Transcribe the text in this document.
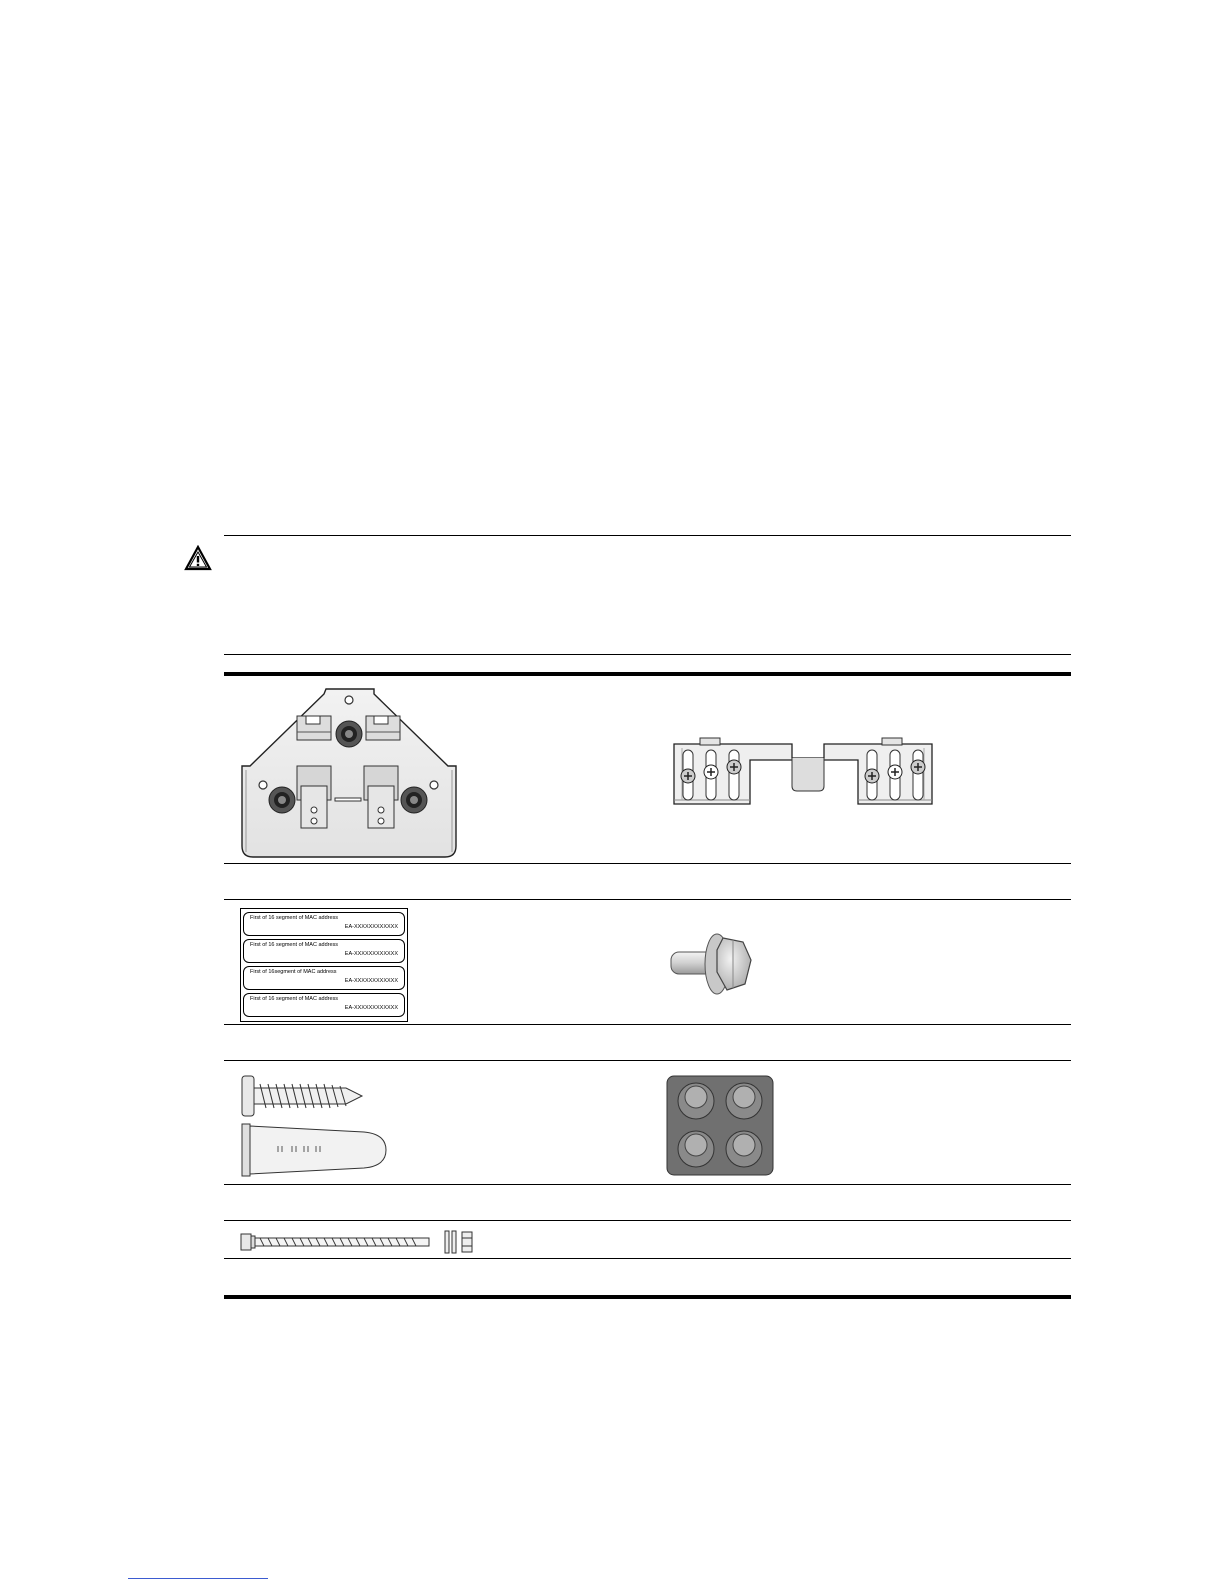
First of 16 segment of MAC address
EA-XXXXXXXXXXXX
First of 16 segment of MAC address
EA-XXXXXXXXXXXX
First of 16segment of MAC address
EA-XXXXXXXXXXXX
First of 16 segment of MAC address
EA-XXXXXXXXXXXX
